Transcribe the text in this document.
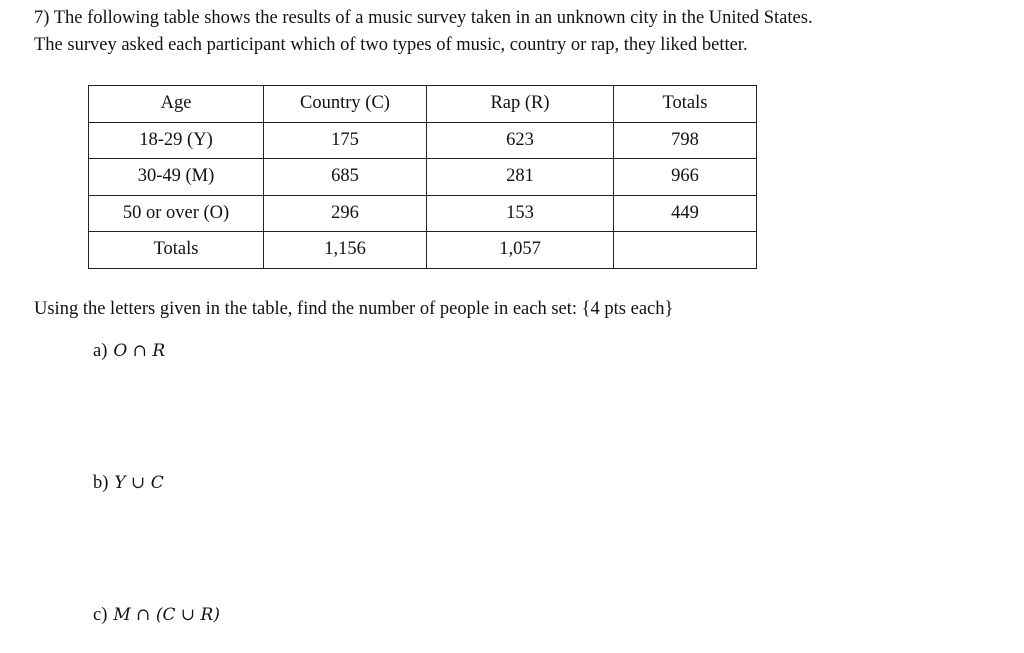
7) The following table shows the results of a music survey taken in an unknown city in the United States.
The survey asked each participant which of two types of music, country or rap, they liked better.
Age	Country (C)	Rap (R)	Totals
18-29 (Y)	175	623	798
30-49 (M)	685	281	966
50 or over (O)	296	153	449
Totals	1,156	1,057	
Using the letters given in the table, find the number of people in each set: {4 pts each}
a) O ∩ R
b) Y ∪ C
c) M ∩ (C ∪ R)
